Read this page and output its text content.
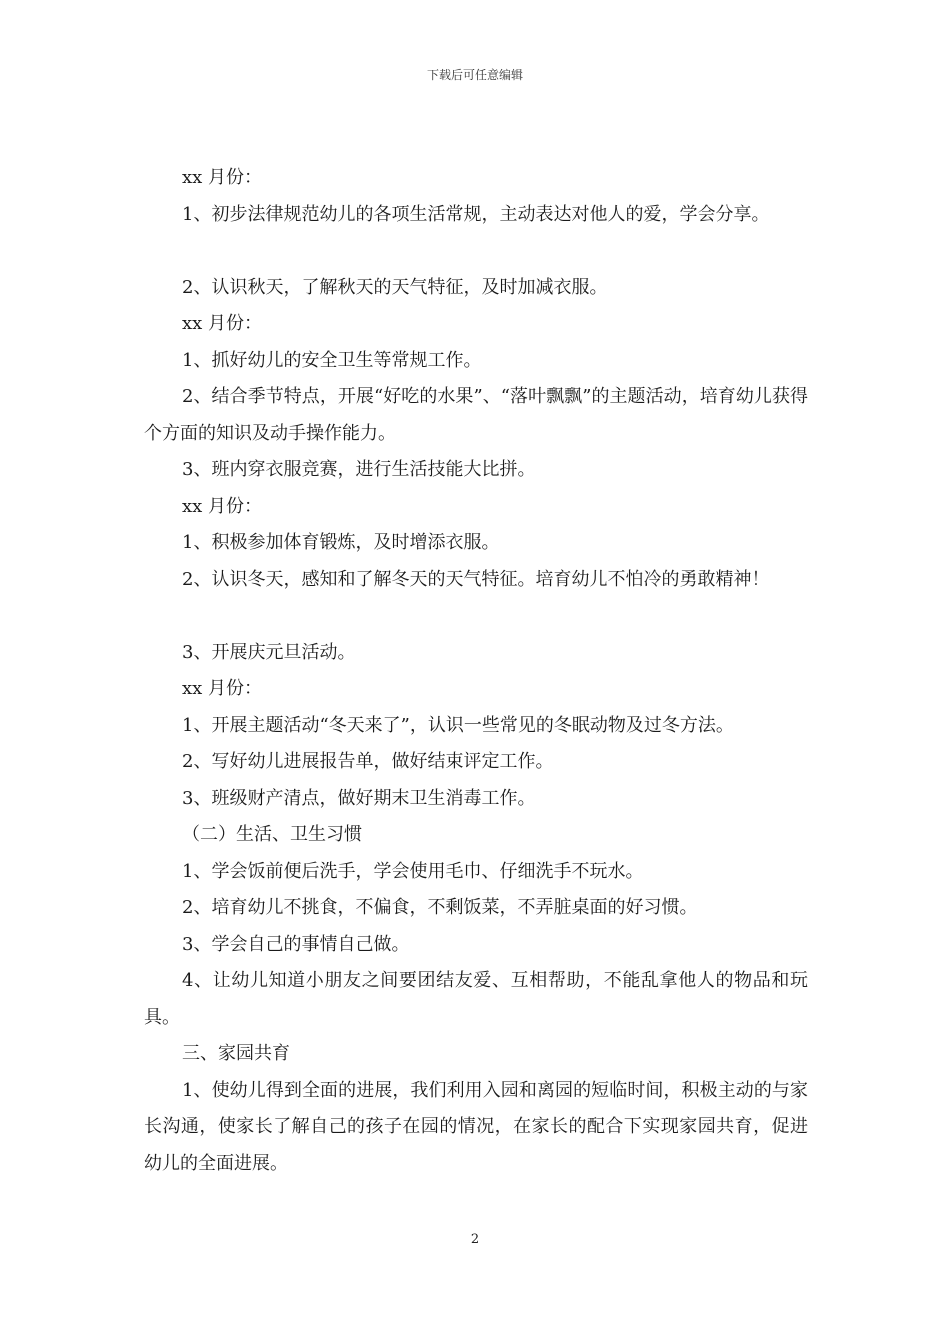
下载后可任意编辑

xx 月份：

1、初步法律规范幼儿的各项生活常规，主动表达对他人的爱，学会分享。

2、认识秋天，了解秋天的天气特征，及时加减衣服。

xx 月份：

1、抓好幼儿的安全卫生等常规工作。

2、结合季节特点，开展“好吃的水果”、“落叶飘飘”的主题活动，培育幼儿获得个方面的知识及动手操作能力。

3、班内穿衣服竞赛，进行生活技能大比拼。

xx 月份：

1、积极参加体育锻炼，及时增添衣服。

2、认识冬天，感知和了解冬天的天气特征。培育幼儿不怕冷的勇敢精神！

3、开展庆元旦活动。

xx 月份：

1、开展主题活动“冬天来了”，认识一些常见的冬眠动物及过冬方法。

2、写好幼儿进展报告单，做好结束评定工作。

3、班级财产清点，做好期末卫生消毒工作。

（二）生活、卫生习惯

1、学会饭前便后洗手，学会使用毛巾、仔细洗手不玩水。

2、培育幼儿不挑食，不偏食，不剩饭菜，不弄脏桌面的好习惯。

3、学会自己的事情自己做。

4、让幼儿知道小朋友之间要团结友爱、互相帮助，不能乱拿他人的物品和玩具。

三、家园共育

1、使幼儿得到全面的进展，我们利用入园和离园的短临时间，积极主动的与家长沟通，使家长了解自己的孩子在园的情况，在家长的配合下实现家园共育，促进幼儿的全面进展。

2
